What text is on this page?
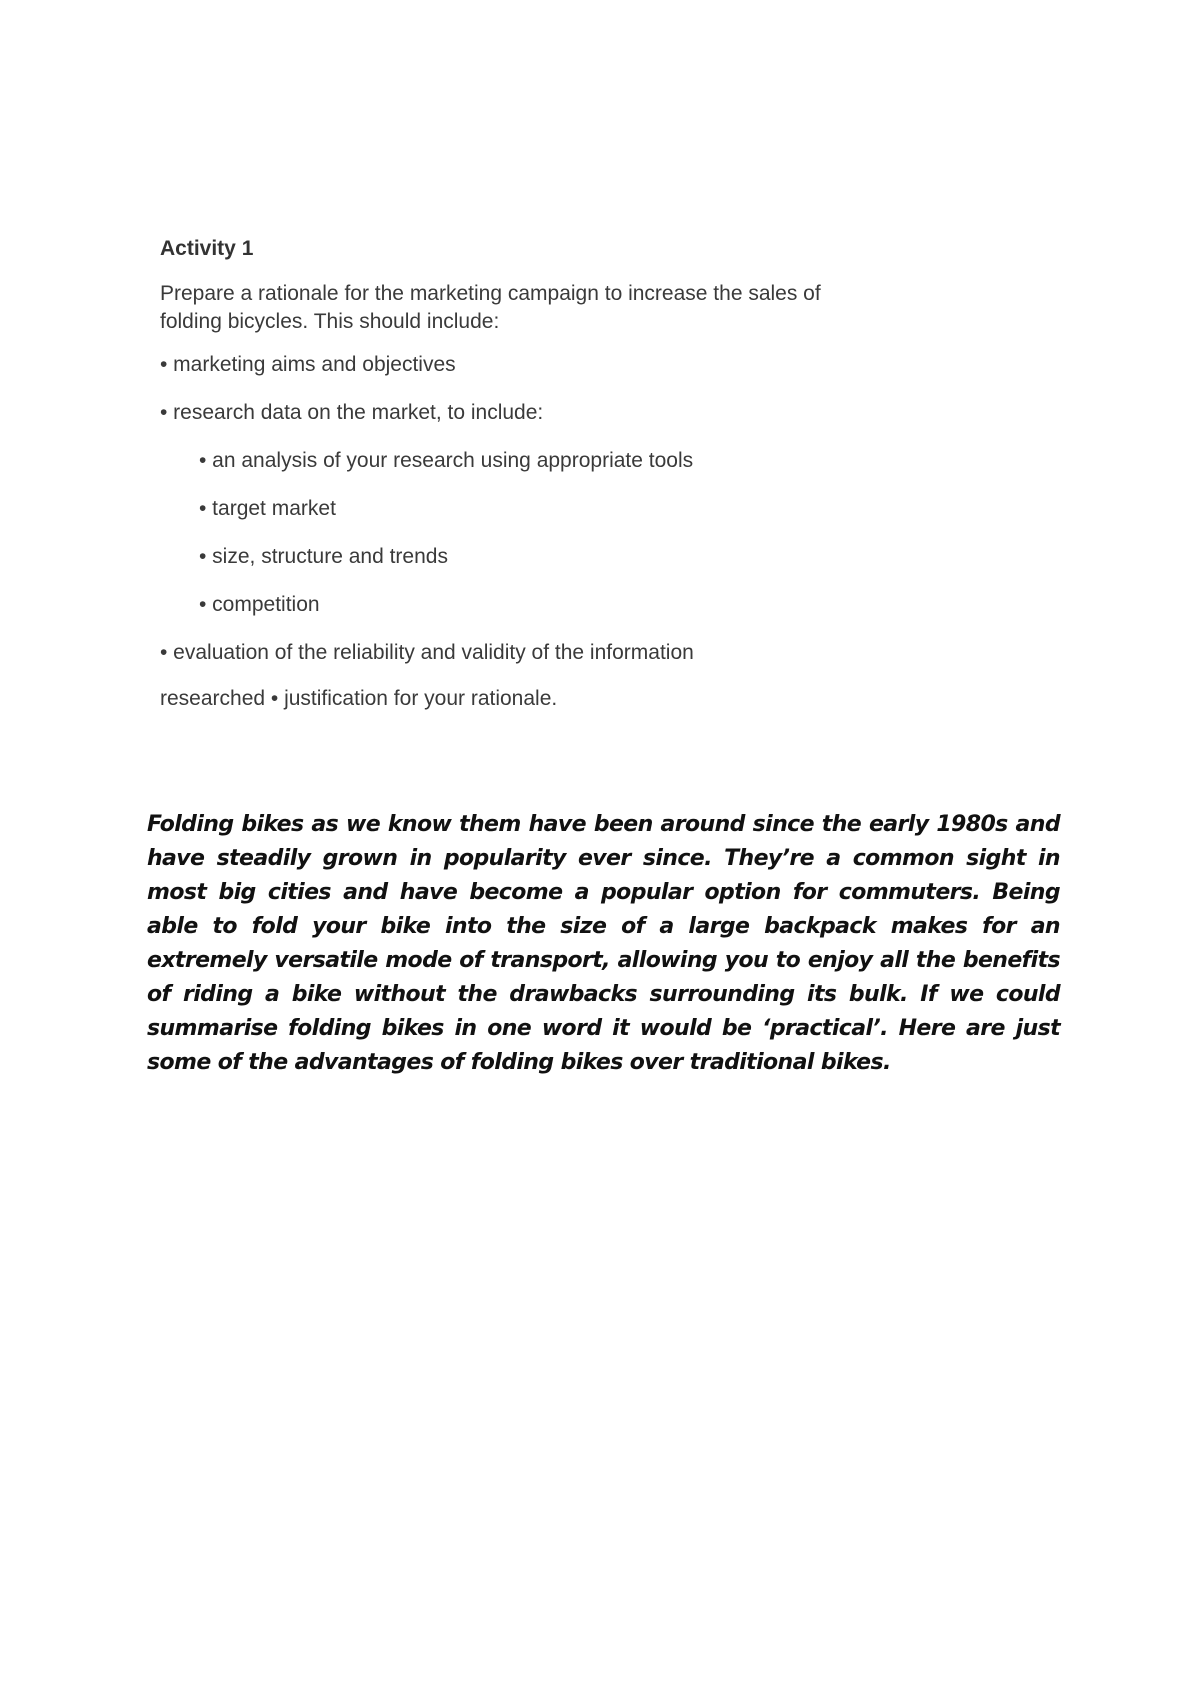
Activity 1
Prepare a rationale for the marketing campaign to increase the sales of
folding bicycles. This should include:
• marketing aims and objectives
• research data on the market, to include:
• an analysis of your research using appropriate tools
• target market
• size, structure and trends
• competition
• evaluation of the reliability and validity of the information
researched • justification for your rationale.

Folding bikes as we know them have been around since the early 1980s and have steadily grown in popularity ever since. They’re a common sight in most big cities and have become a popular option for commuters. Being able to fold your bike into the size of a large backpack makes for an extremely versatile mode of transport, allowing you to enjoy all the benefits of riding a bike without the drawbacks surrounding its bulk. If we could summarise folding bikes in one word it would be ‘practical’. Here are just some of the advantages of folding bikes over traditional bikes.
